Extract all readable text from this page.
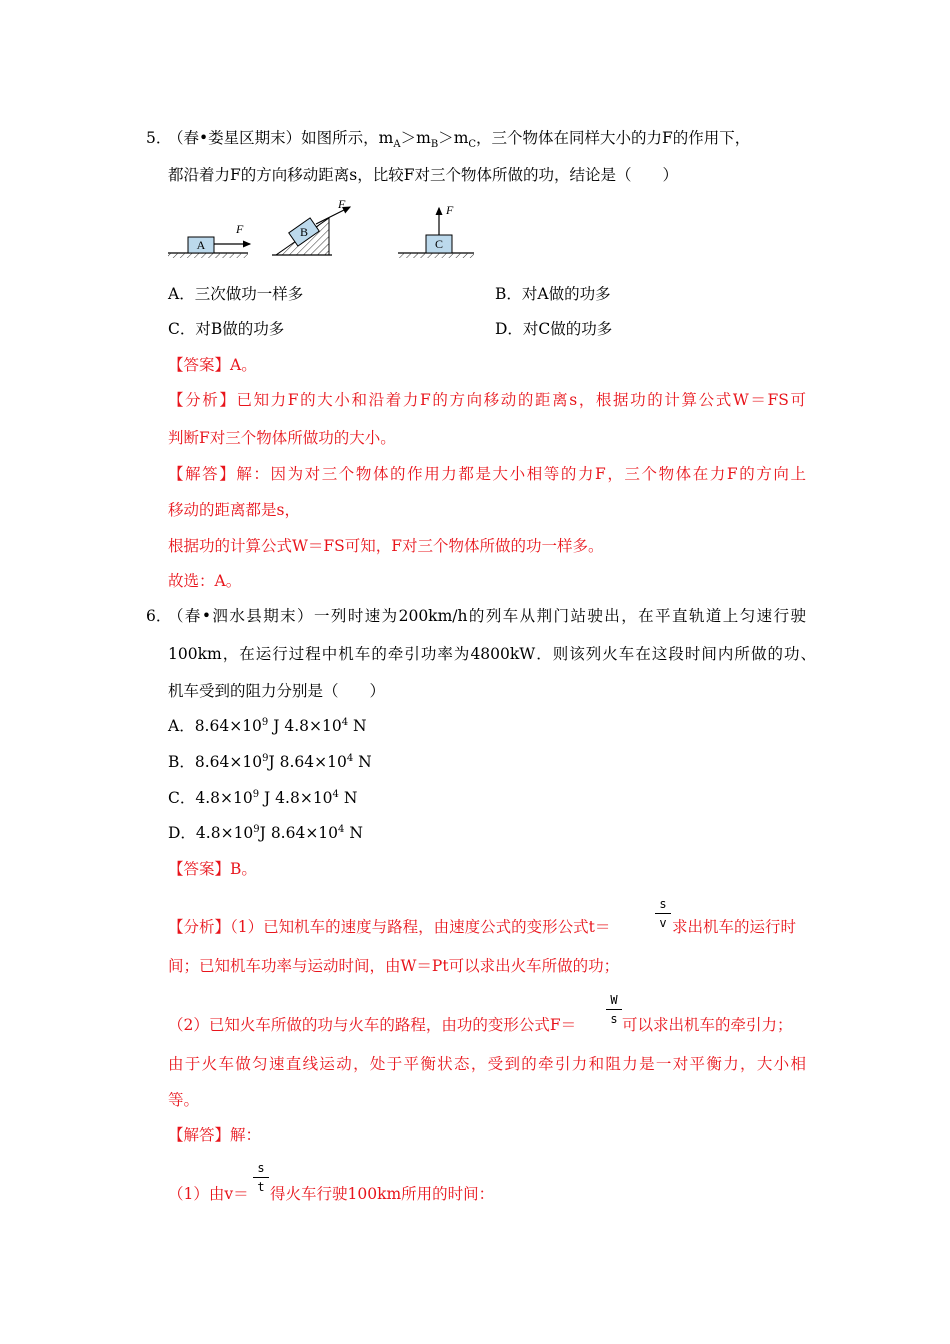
5．
（春•娄星区期末）如图所示，$m_A>m_B>m_C$，三个物体在同样大小的力F的作用下，
都沿着力F的方向移动距离s，比较F对三个物体所做的功，结论是（　　）
A
F	B
F
C
F
A．三次做功一样多	B．对A做的功多
C．对B做的功多	D．对C做的功多
【答案】A。
【分析】已知力F的大小和沿着力F的方向移动的距离s，根据功的计算公式W＝FS可
判断F对三个物体所做功的大小。
【解答】解：因为对三个物体的作用力都是大小相等的力F，三个物体在力F的方向上
移动的距离都是s，
根据功的计算公式W＝FS可知，F对三个物体所做的功一样多。
故选：A。
6．
（春•泗水县期末）一列时速为200km/h的列车从荆门站驶出，在平直轨道上匀速行驶
100km，在运行过程中机车的牵引功率为4800kW．则该列火车在这段时间内所做的功、
机车受到的阻力分别是（　　）
A．$8.64\times 10^9$ J $4.8\times 10^4$ N
B．$8.64\times 10^9J$ $8.64\times 10^4$ N
C．$4.8\times 10^9$ J $4.8\times 10^4$ N
D．$4.8\times 10^9J$ $8.64\times 10^4$ N
【答案】B。
【分析】（1）已知机车的速度与路程，由速度公式的变形公式t＝
s
v 求出机车的运行时
间；已知机车功率与运动时间，由W＝Pt可以求出火车所做的功；
（2）已知火车所做的功与火车的路程，由功的变形公式F＝
W
s 可以求出机车的牵引力；
由于火车做匀速直线运动，处于平衡状态，受到的牵引力和阻力是一对平衡力，大小相
等。
【解答】解：
（1）由v＝
s
t 得火车行驶100km所用的时间：
